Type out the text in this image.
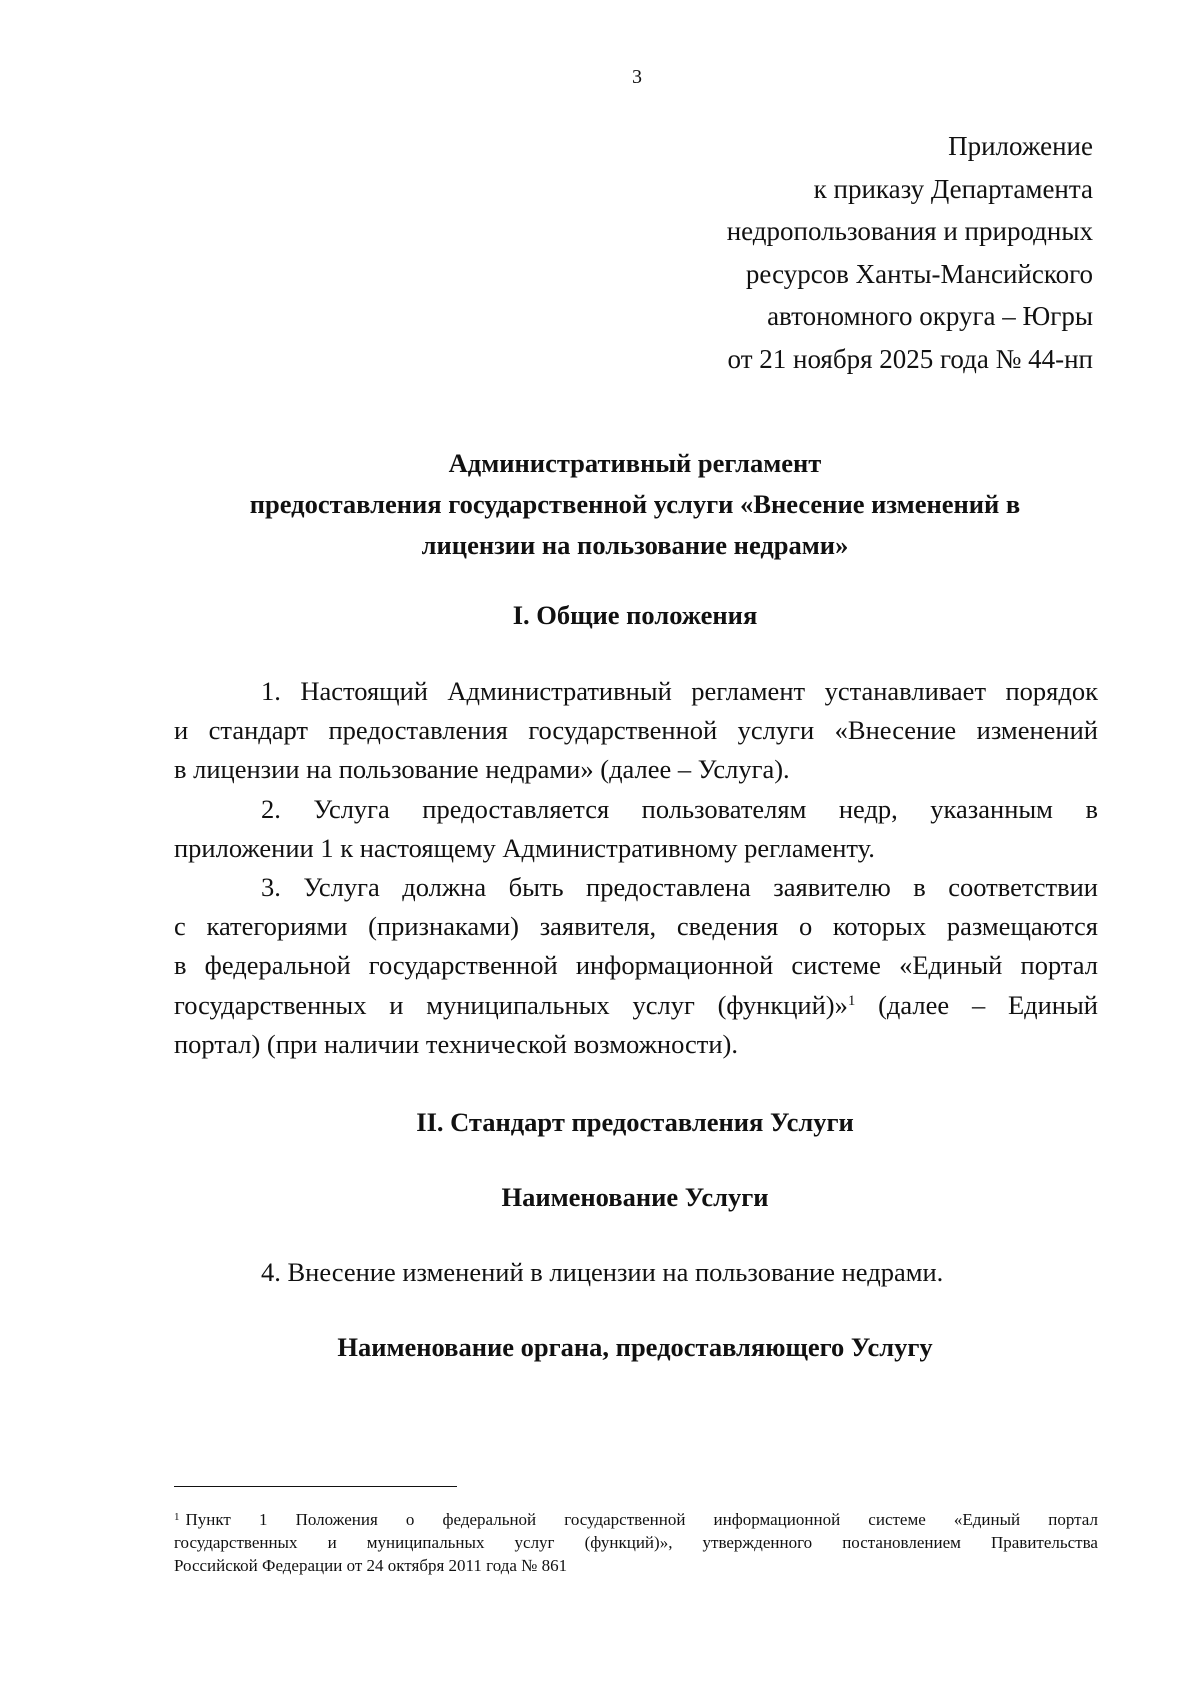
3
Приложение
к приказу Департамента
недропользования и природных
ресурсов Ханты-Мансийского
автономного округа – Югры
от 21 ноября 2025 года № 44-нп
Административный регламент
предоставления государственной услуги «Внесение изменений в
лицензии на пользование недрами»
I. Общие положения
1. Настоящий Административный регламент устанавливает порядок
и стандарт предоставления государственной услуги «Внесение изменений
в лицензии на пользование недрами» (далее – Услуга).
2. Услуга предоставляется пользователям недр, указанным в
приложении 1 к настоящему Административному регламенту.
3. Услуга должна быть предоставлена заявителю в соответствии
с категориями (признаками) заявителя, сведения о которых размещаются
в федеральной государственной информационной системе «Единый портал
государственных и муниципальных услуг (функций)»$^1$ (далее – Единый
портал) (при наличии технической возможности).
II. Стандарт предоставления Услуги
Наименование Услуги
4. Внесение изменений в лицензии на пользование недрами.
Наименование органа, предоставляющего Услугу
$^1$ Пункт 1 Положения о федеральной государственной информационной системе «Единый портал
государственных и муниципальных услуг (функций)», утвержденного постановлением Правительства
Российской Федерации от 24 октября 2011 года № 861
